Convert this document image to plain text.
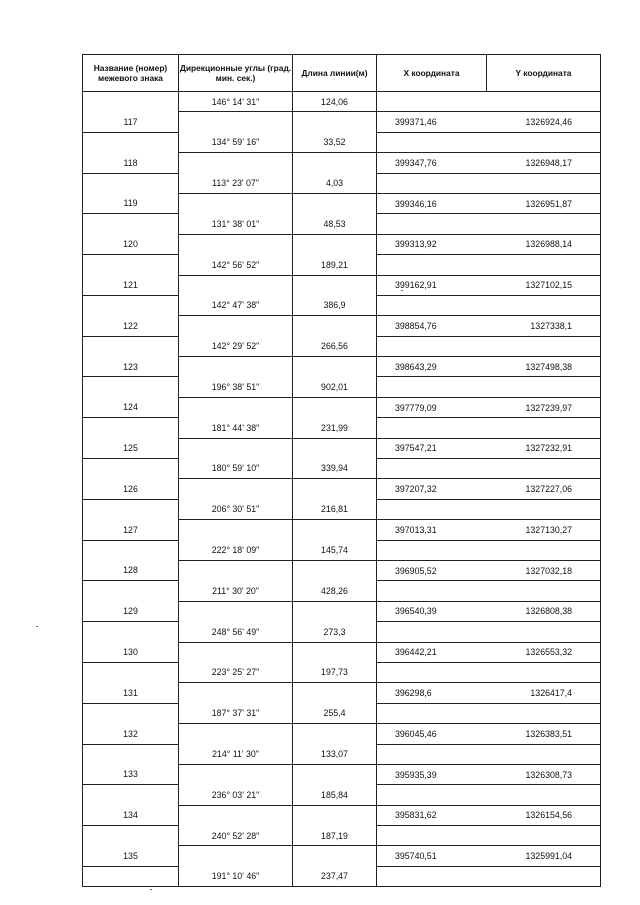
Название (номер) межевого знака	Дирекционные углы (град. мин. сек.)	Длина линии(м)	X координата	Y координата
	146° 14' 31"	124,06		
117			399371,46	1326924,46
	134° 59' 16"	33,52		
118			399347,76	1326948,17
	113° 23' 07"	4,03		
119			399346,16	1326951,87
	131° 38' 01"	48,53		
120			399313,92	1326988,14
	142° 56' 52"	189,21		
121			399162,91	1327102,15
	142° 47' 38"	386,9		
122			398854,76	1327338,1
	142° 29' 52"	266,56		
123			398643,29	1327498,38
	196° 38' 51"	902,01		
124			397779,09	1327239,97
	181° 44' 38"	231,99		
125			397547,21	1327232,91
	180° 59' 10"	339,94		
126			397207,32	1327227,06
	206° 30' 51"	216,81		
127			397013,31	1327130,27
	222° 18' 09"	145,74		
128			396905,52	1327032,18
	211° 30' 20"	428,26		
129			396540,39	1326808,38
	248° 56' 49"	273,3		
130			396442,21	1326553,32
	223° 25' 27"	197,73		
131			396298,6	1326417,4
	187° 37' 31"	255,4		
132			396045,46	1326383,51
	214° 11' 30"	133,07		
133			395935,39	1326308,73
	236° 03' 21"	185,84		
134			395831,62	1326154,56
	240° 52' 28"	187,19		
135			395740,51	1325991,04
	191° 10' 46"	237,47		
